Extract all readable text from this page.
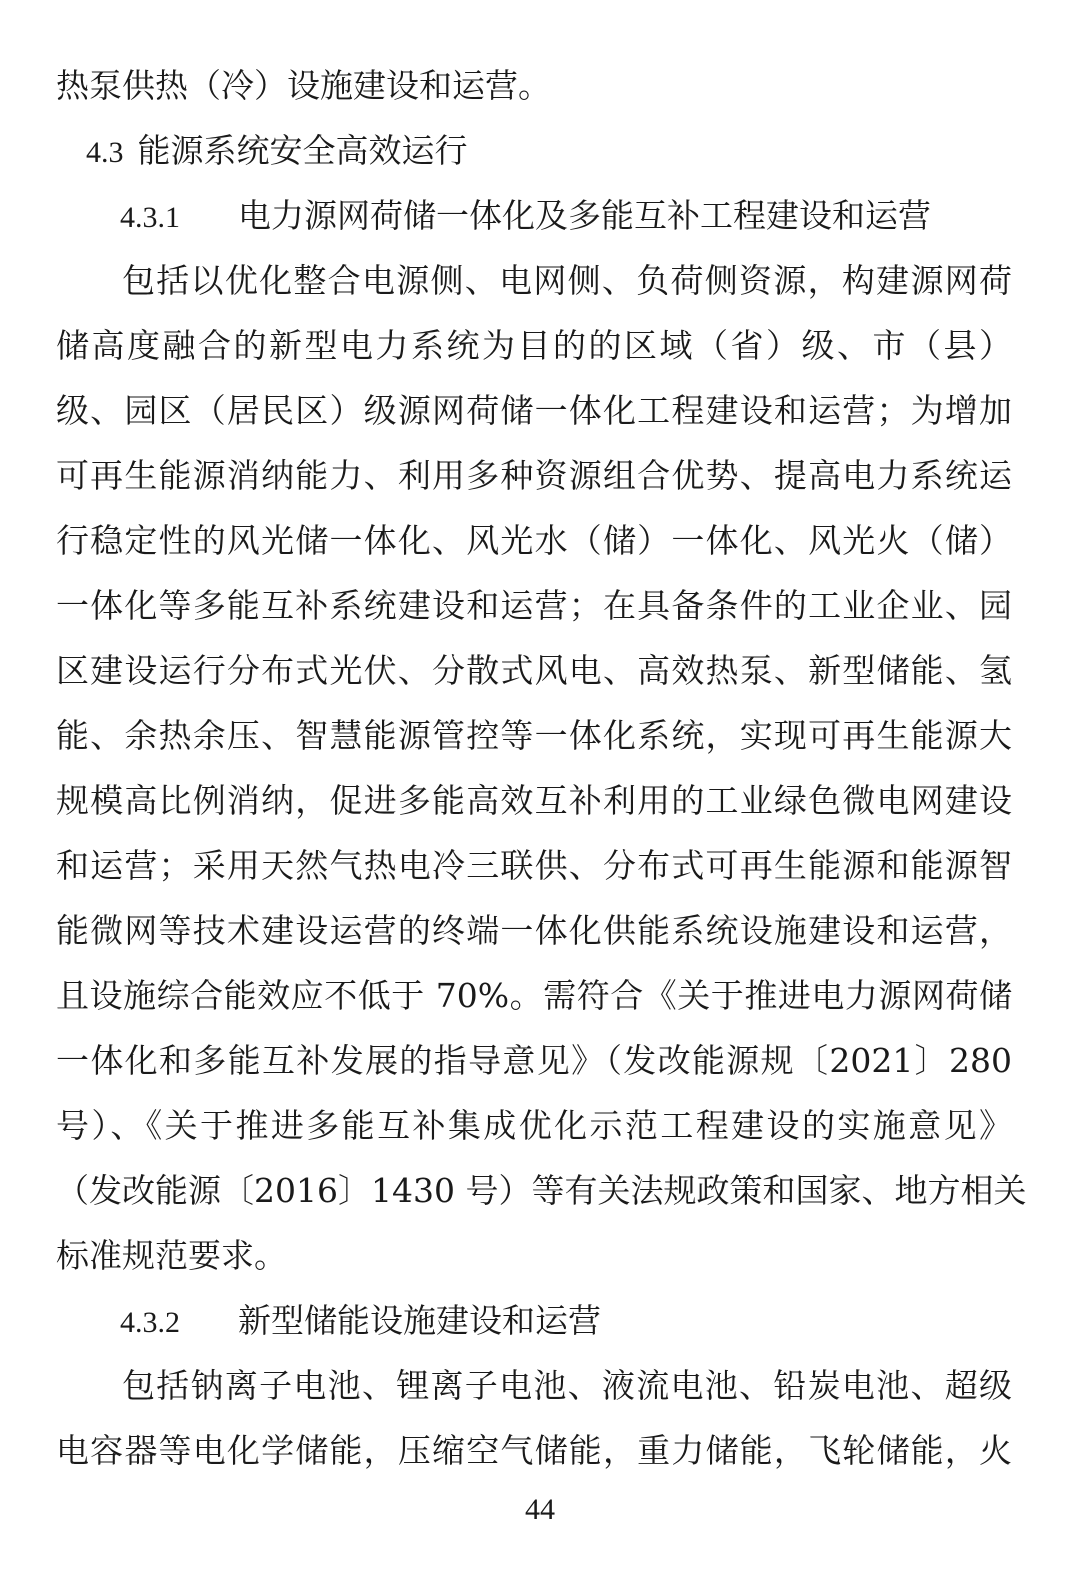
热泵供热（冷）设施建设和运营。
4.3 能源系统安全高效运行
4.3.1 电力源网荷储一体化及多能互补工程建设和运营
包括以优化整合电源侧、电网侧、负荷侧资源，构建源网荷
储高度融合的新型电力系统为目的的区域（省）级、市（县）
级、园区（居民区）级源网荷储一体化工程建设和运营；为增加
可再生能源消纳能力、利用多种资源组合优势、提高电力系统运
行稳定性的风光储一体化、风光水（储）一体化、风光火（储）
一体化等多能互补系统建设和运营；在具备条件的工业企业、园
区建设运行分布式光伏、分散式风电、高效热泵、新型储能、氢
能、余热余压、智慧能源管控等一体化系统，实现可再生能源大
规模高比例消纳，促进多能高效互补利用的工业绿色微电网建设
和运营；采用天然气热电冷三联供、分布式可再生能源和能源智
能微网等技术建设运营的终端一体化供能系统设施建设和运营，
且设施综合能效应不低于 70%。需符合《关于推进电力源网荷储
一体化和多能互补发展的指导意见》（发改能源规〔2021〕280
号）、《关于推进多能互补集成优化示范工程建设的实施意见》
（发改能源〔2016〕1430 号）等有关法规政策和国家、地方相关
标准规范要求。
4.3.2 新型储能设施建设和运营
包括钠离子电池、锂离子电池、液流电池、铅炭电池、超级
电容器等电化学储能，压缩空气储能，重力储能，飞轮储能，火
44
